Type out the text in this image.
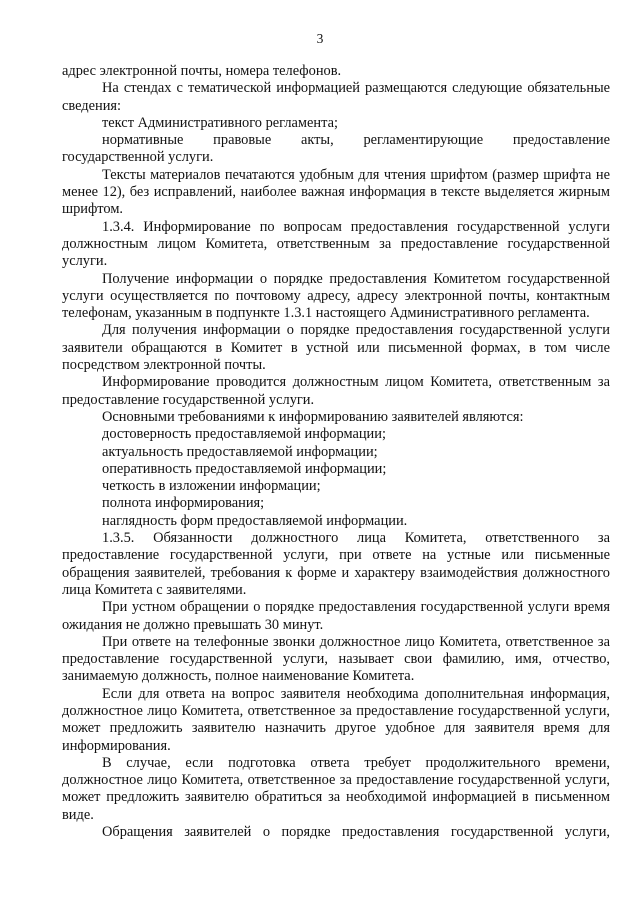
3

адрес электронной почты, номера телефонов.

На стендах с тематической информацией размещаются следующие обязательные сведения:

текст Административного регламента;

нормативные правовые акты, регламентирующие предоставление государственной услуги.

Тексты материалов печатаются удобным для чтения шрифтом (размер шрифта не менее 12), без исправлений, наиболее важная информация в тексте выделяется жирным шрифтом.

1.3.4. Информирование по вопросам предоставления государственной услуги должностным лицом Комитета, ответственным за предоставление государственной услуги.

Получение информации о порядке предоставления Комитетом государственной услуги осуществляется по почтовому адресу, адресу электронной почты, контактным телефонам, указанным в подпункте 1.3.1 настоящего Административного регламента.

Для получения информации о порядке предоставления государственной услуги заявители обращаются в Комитет в устной или письменной формах, в том числе посредством электронной почты.

Информирование проводится должностным лицом Комитета, ответственным за предоставление государственной услуги.

Основными требованиями к информированию заявителей являются:

достоверность предоставляемой информации;

актуальность предоставляемой информации;

оперативность предоставляемой информации;

четкость в изложении информации;

полнота информирования;

наглядность форм предоставляемой информации.

1.3.5. Обязанности должностного лица Комитета, ответственного за предоставление государственной услуги, при ответе на устные или письменные обращения заявителей, требования к форме и характеру взаимодействия должностного лица Комитета с заявителями.

При устном обращении о порядке предоставления государственной услуги время ожидания не должно превышать 30 минут.

При ответе на телефонные звонки должностное лицо Комитета, ответственное за предоставление государственной услуги, называет свои фамилию, имя, отчество, занимаемую должность, полное наименование Комитета.

Если для ответа на вопрос заявителя необходима дополнительная информация, должностное лицо Комитета, ответственное за предоставление государственной услуги, может предложить заявителю назначить другое удобное для заявителя время для информирования.

В случае, если подготовка ответа требует продолжительного времени, должностное лицо Комитета, ответственное за предоставление государственной услуги, может предложить заявителю обратиться за необходимой информацией в письменном виде.

Обращения заявителей о порядке предоставления государственной услуги,
